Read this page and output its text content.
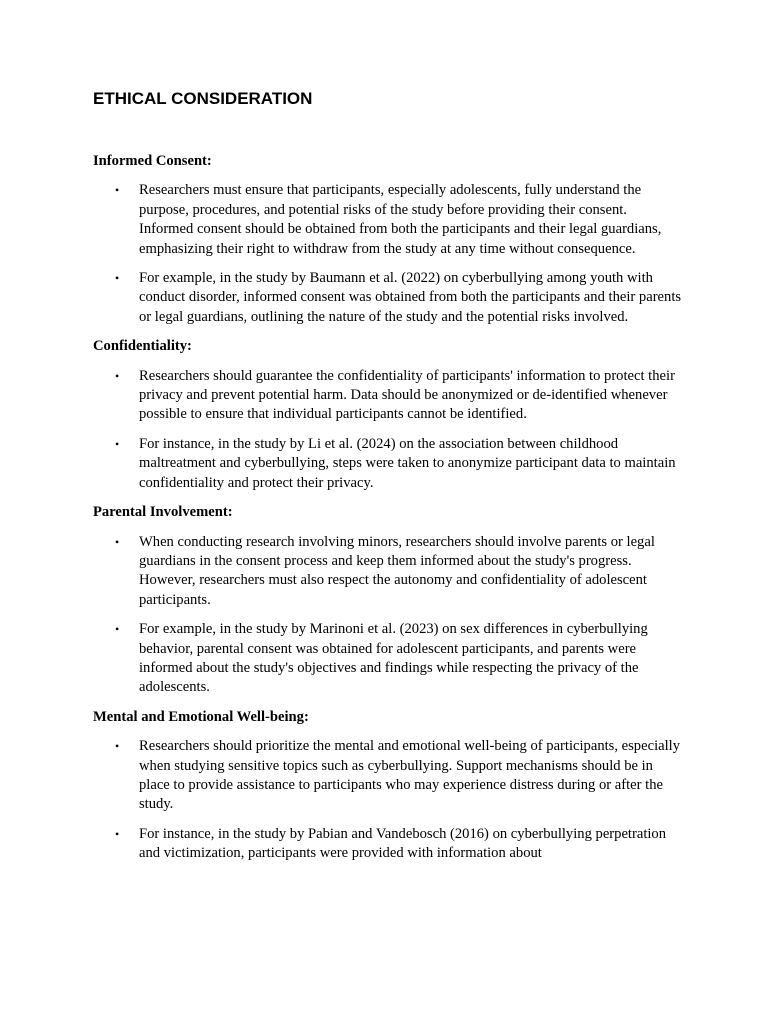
ETHICAL CONSIDERATION

Informed Consent:

• Researchers must ensure that participants, especially adolescents, fully understand the purpose, procedures, and potential risks of the study before providing their consent. Informed consent should be obtained from both the participants and their legal guardians, emphasizing their right to withdraw from the study at any time without consequence.
• For example, in the study by Baumann et al. (2022) on cyberbullying among youth with conduct disorder, informed consent was obtained from both the participants and their parents or legal guardians, outlining the nature of the study and the potential risks involved.

Confidentiality:

• Researchers should guarantee the confidentiality of participants' information to protect their privacy and prevent potential harm. Data should be anonymized or de-identified whenever possible to ensure that individual participants cannot be identified.
• For instance, in the study by Li et al. (2024) on the association between childhood maltreatment and cyberbullying, steps were taken to anonymize participant data to maintain confidentiality and protect their privacy.

Parental Involvement:

• When conducting research involving minors, researchers should involve parents or legal guardians in the consent process and keep them informed about the study's progress. However, researchers must also respect the autonomy and confidentiality of adolescent participants.
• For example, in the study by Marinoni et al. (2023) on sex differences in cyberbullying behavior, parental consent was obtained for adolescent participants, and parents were informed about the study's objectives and findings while respecting the privacy of the adolescents.

Mental and Emotional Well-being:

• Researchers should prioritize the mental and emotional well-being of participants, especially when studying sensitive topics such as cyberbullying. Support mechanisms should be in place to provide assistance to participants who may experience distress during or after the study.
• For instance, in the study by Pabian and Vandebosch (2016) on cyberbullying perpetration and victimization, participants were provided with information about
